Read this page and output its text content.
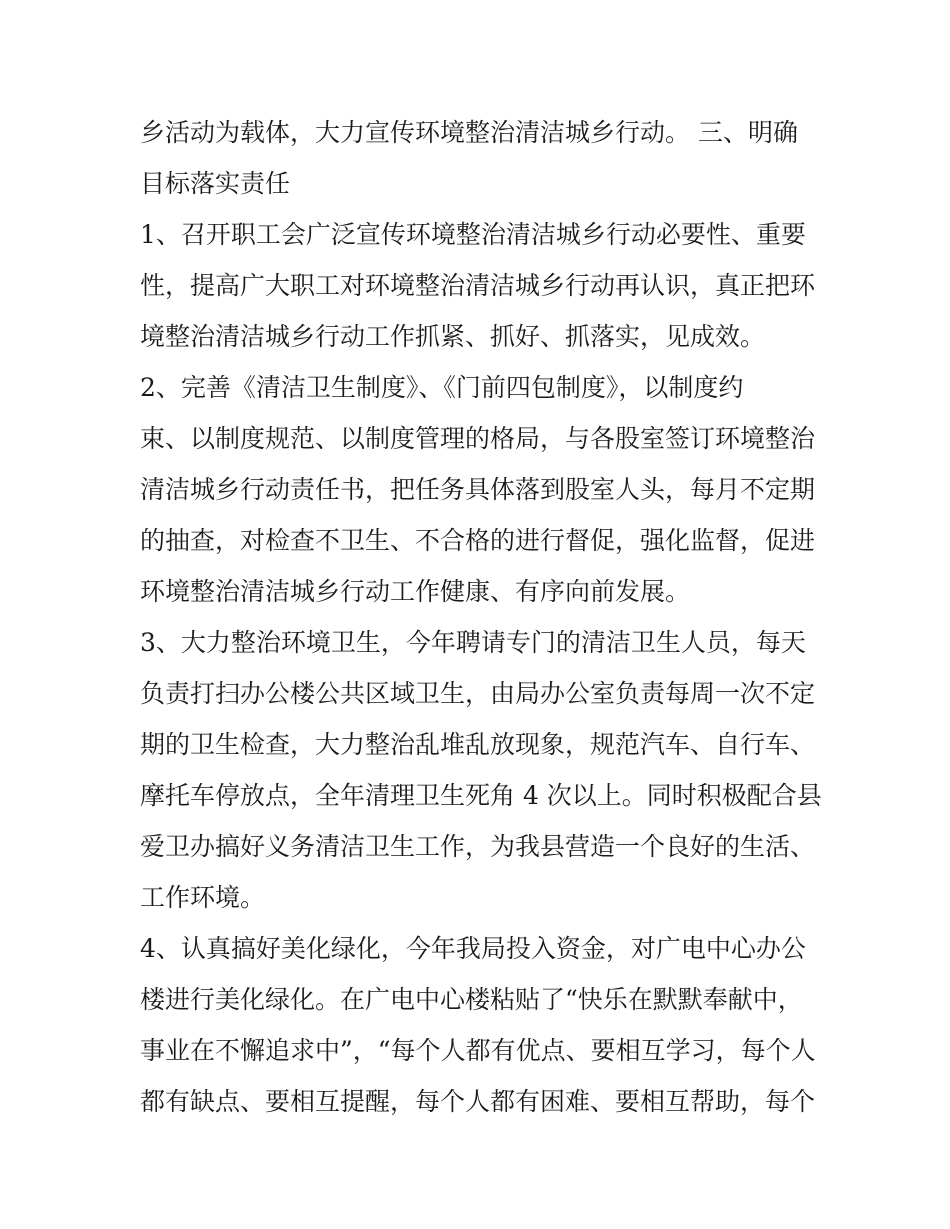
乡活动为载体，大力宣传环境整治清洁城乡行动。 三、明确
目标落实责任
1、召开职工会广泛宣传环境整治清洁城乡行动必要性、重要
性，提高广大职工对环境整治清洁城乡行动再认识，真正把环
境整治清洁城乡行动工作抓紧、抓好、抓落实，见成效。
2、完善《清洁卫生制度》、《门前四包制度》，以制度约
束、以制度规范、以制度管理的格局，与各股室签订环境整治
清洁城乡行动责任书，把任务具体落到股室人头，每月不定期
的抽查，对检查不卫生、不合格的进行督促，强化监督，促进
环境整治清洁城乡行动工作健康、有序向前发展。
3、大力整治环境卫生，今年聘请专门的清洁卫生人员，每天
负责打扫办公楼公共区域卫生，由局办公室负责每周一次不定
期的卫生检查，大力整治乱堆乱放现象，规范汽车、自行车、
摩托车停放点，全年清理卫生死角 4 次以上。同时积极配合县
爱卫办搞好义务清洁卫生工作，为我县营造一个良好的生活、
工作环境。
4、认真搞好美化绿化，今年我局投入资金，对广电中心办公
楼进行美化绿化。在广电中心楼粘贴了“快乐在默默奉献中，
事业在不懈追求中”，“每个人都有优点、要相互学习，每个人
都有缺点、要相互提醒，每个人都有困难、要相互帮助，每个
